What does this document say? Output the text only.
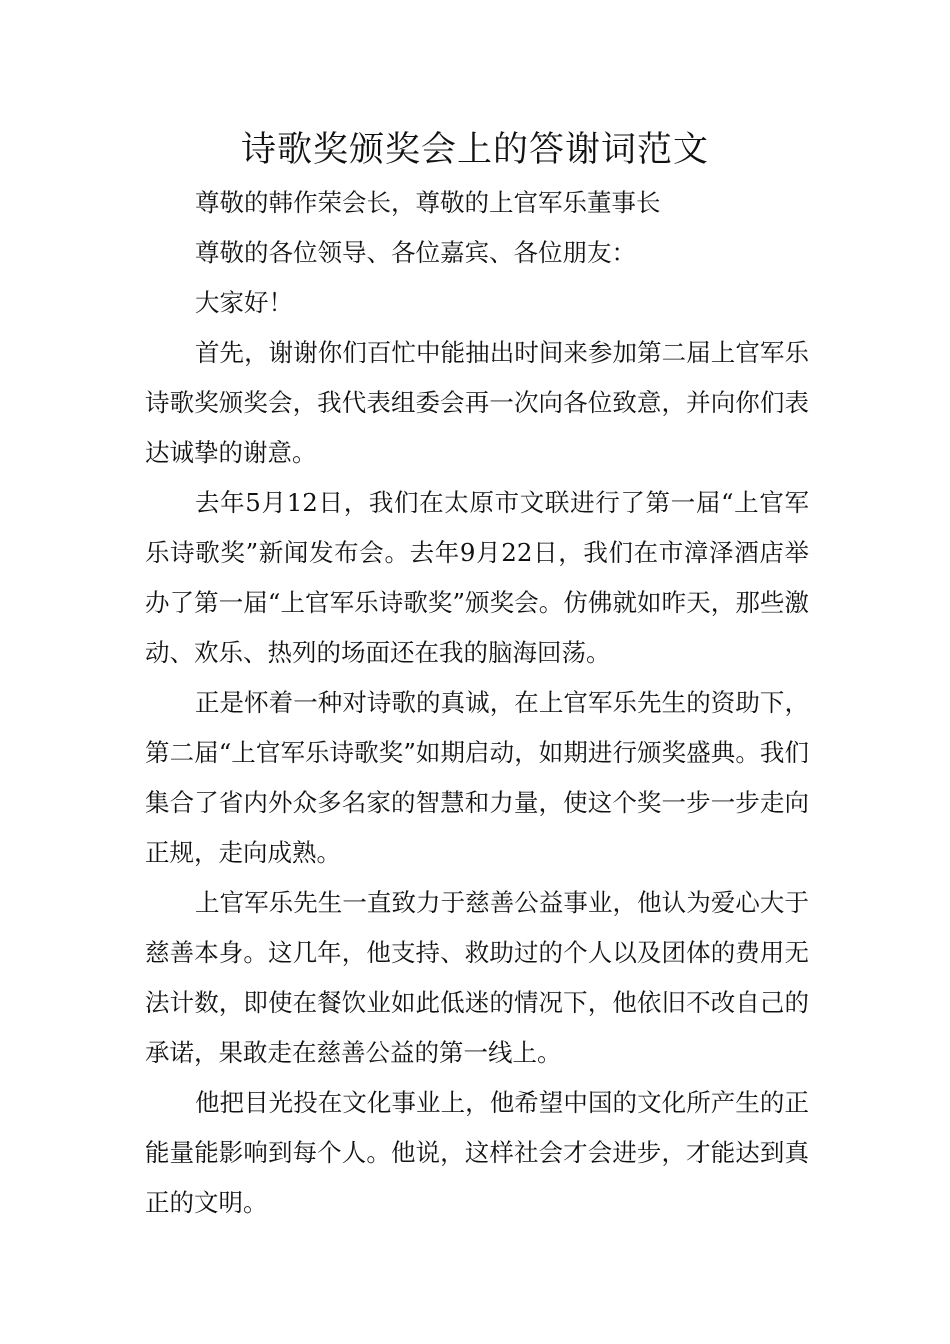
诗歌奖颁奖会上的答谢词范文

尊敬的韩作荣会长，尊敬的上官军乐董事长

尊敬的各位领导、各位嘉宾、各位朋友：

大家好！

首先，谢谢你们百忙中能抽出时间来参加第二届上官军乐诗歌奖颁奖会，我代表组委会再一次向各位致意，并向你们表达诚挚的谢意。

去年5月12日，我们在太原市文联进行了第一届“上官军乐诗歌奖”新闻发布会。去年9月22日，我们在市漳泽酒店举办了第一届“上官军乐诗歌奖”颁奖会。仿佛就如昨天，那些激动、欢乐、热列的场面还在我的脑海回荡。

正是怀着一种对诗歌的真诚，在上官军乐先生的资助下，第二届“上官军乐诗歌奖”如期启动，如期进行颁奖盛典。我们集合了省内外众多名家的智慧和力量，使这个奖一步一步走向正规，走向成熟。

上官军乐先生一直致力于慈善公益事业，他认为爱心大于慈善本身。这几年，他支持、救助过的个人以及团体的费用无法计数，即使在餐饮业如此低迷的情况下，他依旧不改自己的承诺，果敢走在慈善公益的第一线上。

他把目光投在文化事业上，他希望中国的文化所产生的正能量能影响到每个人。他说，这样社会才会进步，才能达到真正的文明。
